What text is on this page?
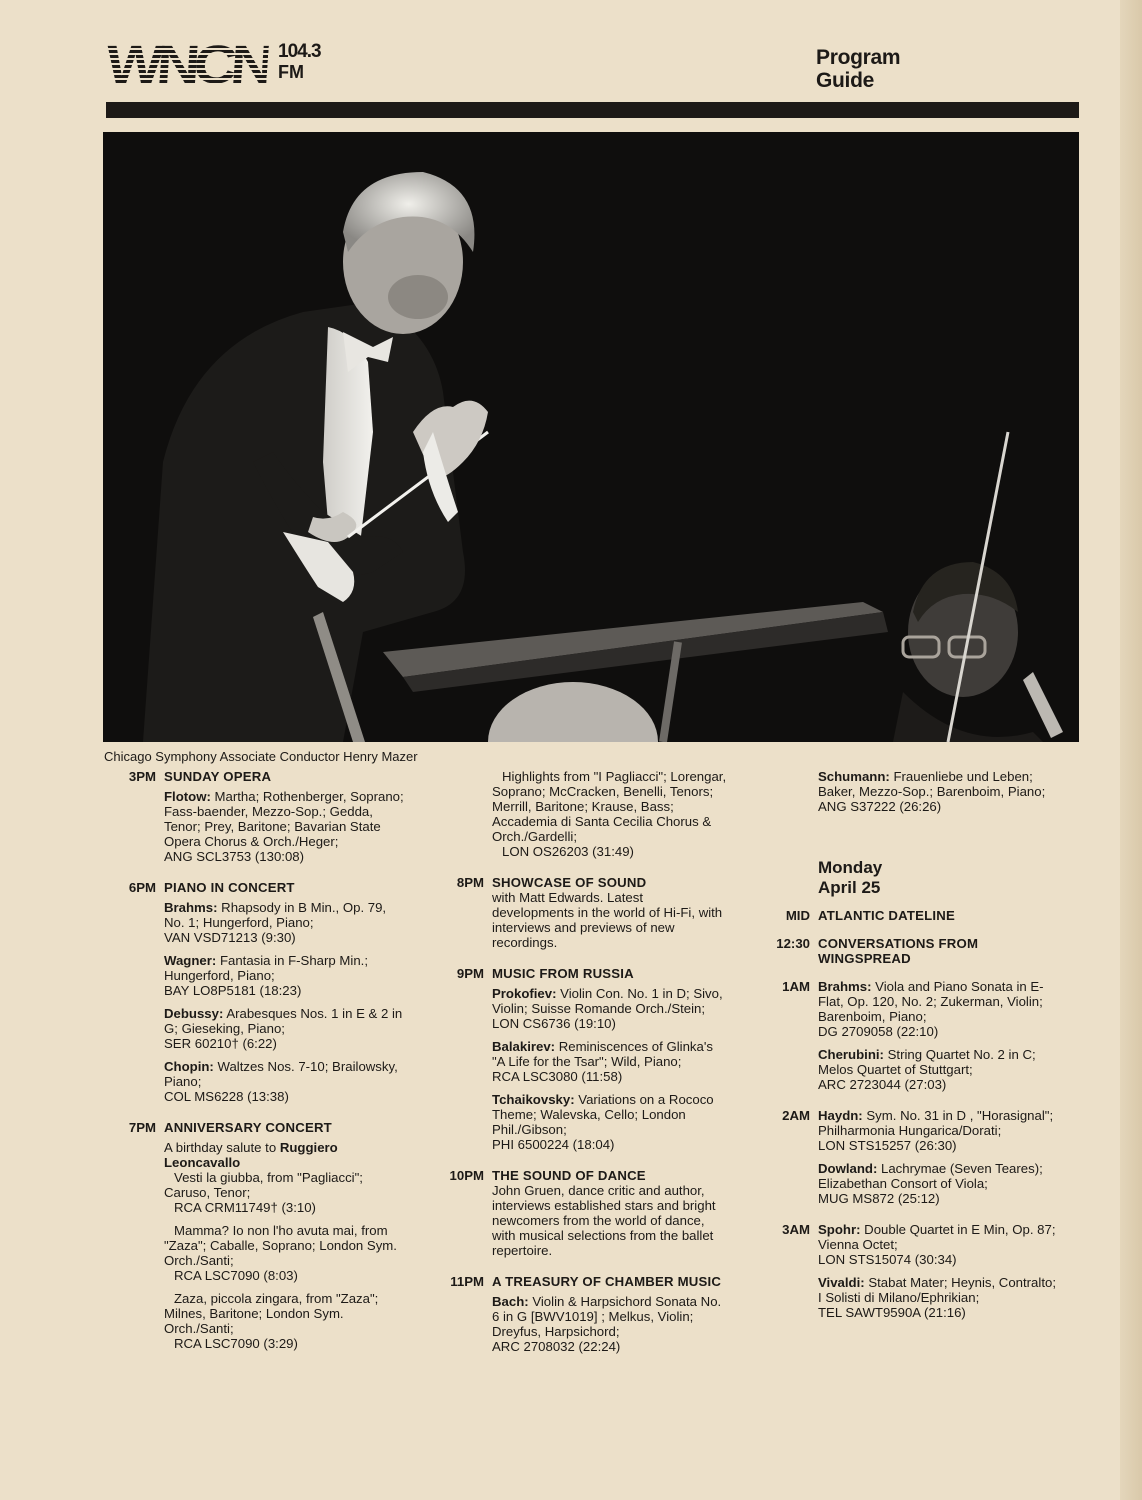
WNCN 104.3
FM
Program
Guide
Chicago Symphony Associate Conductor Henry Mazer
3PM SUNDAY OPERA
Flotow: Martha; Rothenberger, Soprano; Fass-baender, Mezzo-Sop.; Gedda, Tenor; Prey, Baritone; Bavarian State Opera Chorus & Orch./Heger;
ANG SCL3753 (130:08)
6PM PIANO IN CONCERT
Brahms: Rhapsody in B Min., Op. 79, No. 1; Hungerford, Piano;
VAN VSD71213 (9:30)
Wagner: Fantasia in F-Sharp Min.; Hungerford, Piano;
BAY LO8P5181 (18:23)
Debussy: Arabesques Nos. 1 in E & 2 in G; Gieseking, Piano;
SER 60210† (6:22)
Chopin: Waltzes Nos. 7-10; Brailowsky, Piano;
COL MS6228 (13:38)
7PM ANNIVERSARY CONCERT
A birthday salute to Ruggiero Leoncavallo
Vesti la giubba, from "Pagliacci"; Caruso, Tenor;
RCA CRM11749† (3:10)
Mamma? Io non l'ho avuta mai, from "Zaza"; Caballe, Soprano; London Sym. Orch./Santi;
RCA LSC7090 (8:03)
Zaza, piccola zingara, from "Zaza"; Milnes, Baritone; London Sym. Orch./Santi;
RCA LSC7090 (3:29)
Highlights from "I Pagliacci"; Lorengar, Soprano; McCracken, Benelli, Tenors; Merrill, Baritone; Krause, Bass; Accademia di Santa Cecilia Chorus & Orch./Gardelli;
LON OS26203 (31:49)
8PM SHOWCASE OF SOUND
with Matt Edwards. Latest developments in the world of Hi-Fi, with interviews and previews of new recordings.
9PM MUSIC FROM RUSSIA
Prokofiev: Violin Con. No. 1 in D; Sivo, Violin; Suisse Romande Orch./Stein;
LON CS6736 (19:10)
Balakirev: Reminiscences of Glinka's "A Life for the Tsar"; Wild, Piano;
RCA LSC3080 (11:58)
Tchaikovsky: Variations on a Rococo Theme; Walevska, Cello; London Phil./Gibson;
PHI 6500224 (18:04)
10PM THE SOUND OF DANCE
John Gruen, dance critic and author, interviews established stars and bright newcomers from the world of dance, with musical selections from the ballet repertoire.
11PM A TREASURY OF CHAMBER MUSIC
Bach: Violin & Harpsichord Sonata No. 6 in G [BWV1019] ; Melkus, Violin; Dreyfus, Harpsichord;
ARC 2708032 (22:24)
Schumann: Frauenliebe und Leben; Baker, Mezzo-Sop.; Barenboim, Piano;
ANG S37222 (26:26)
Monday
April 25
MID ATLANTIC DATELINE
12:30 CONVERSATIONS FROM WINGSPREAD
1AM Brahms: Viola and Piano Sonata in E-Flat, Op. 120, No. 2; Zukerman, Violin; Barenboim, Piano;
DG 2709058 (22:10)
Cherubini: String Quartet No. 2 in C; Melos Quartet of Stuttgart;
ARC 2723044 (27:03)
2AM Haydn: Sym. No. 31 in D , "Horasignal"; Philharmonia Hungarica/Dorati;
LON STS15257 (26:30)
Dowland: Lachrymae (Seven Teares); Elizabethan Consort of Viola;
MUG MS872 (25:12)
3AM Spohr: Double Quartet in E Min, Op. 87; Vienna Octet;
LON STS15074 (30:34)
Vivaldi: Stabat Mater; Heynis, Contralto; I Solisti di Milano/Ephrikian;
TEL SAWT9590A (21:16)
